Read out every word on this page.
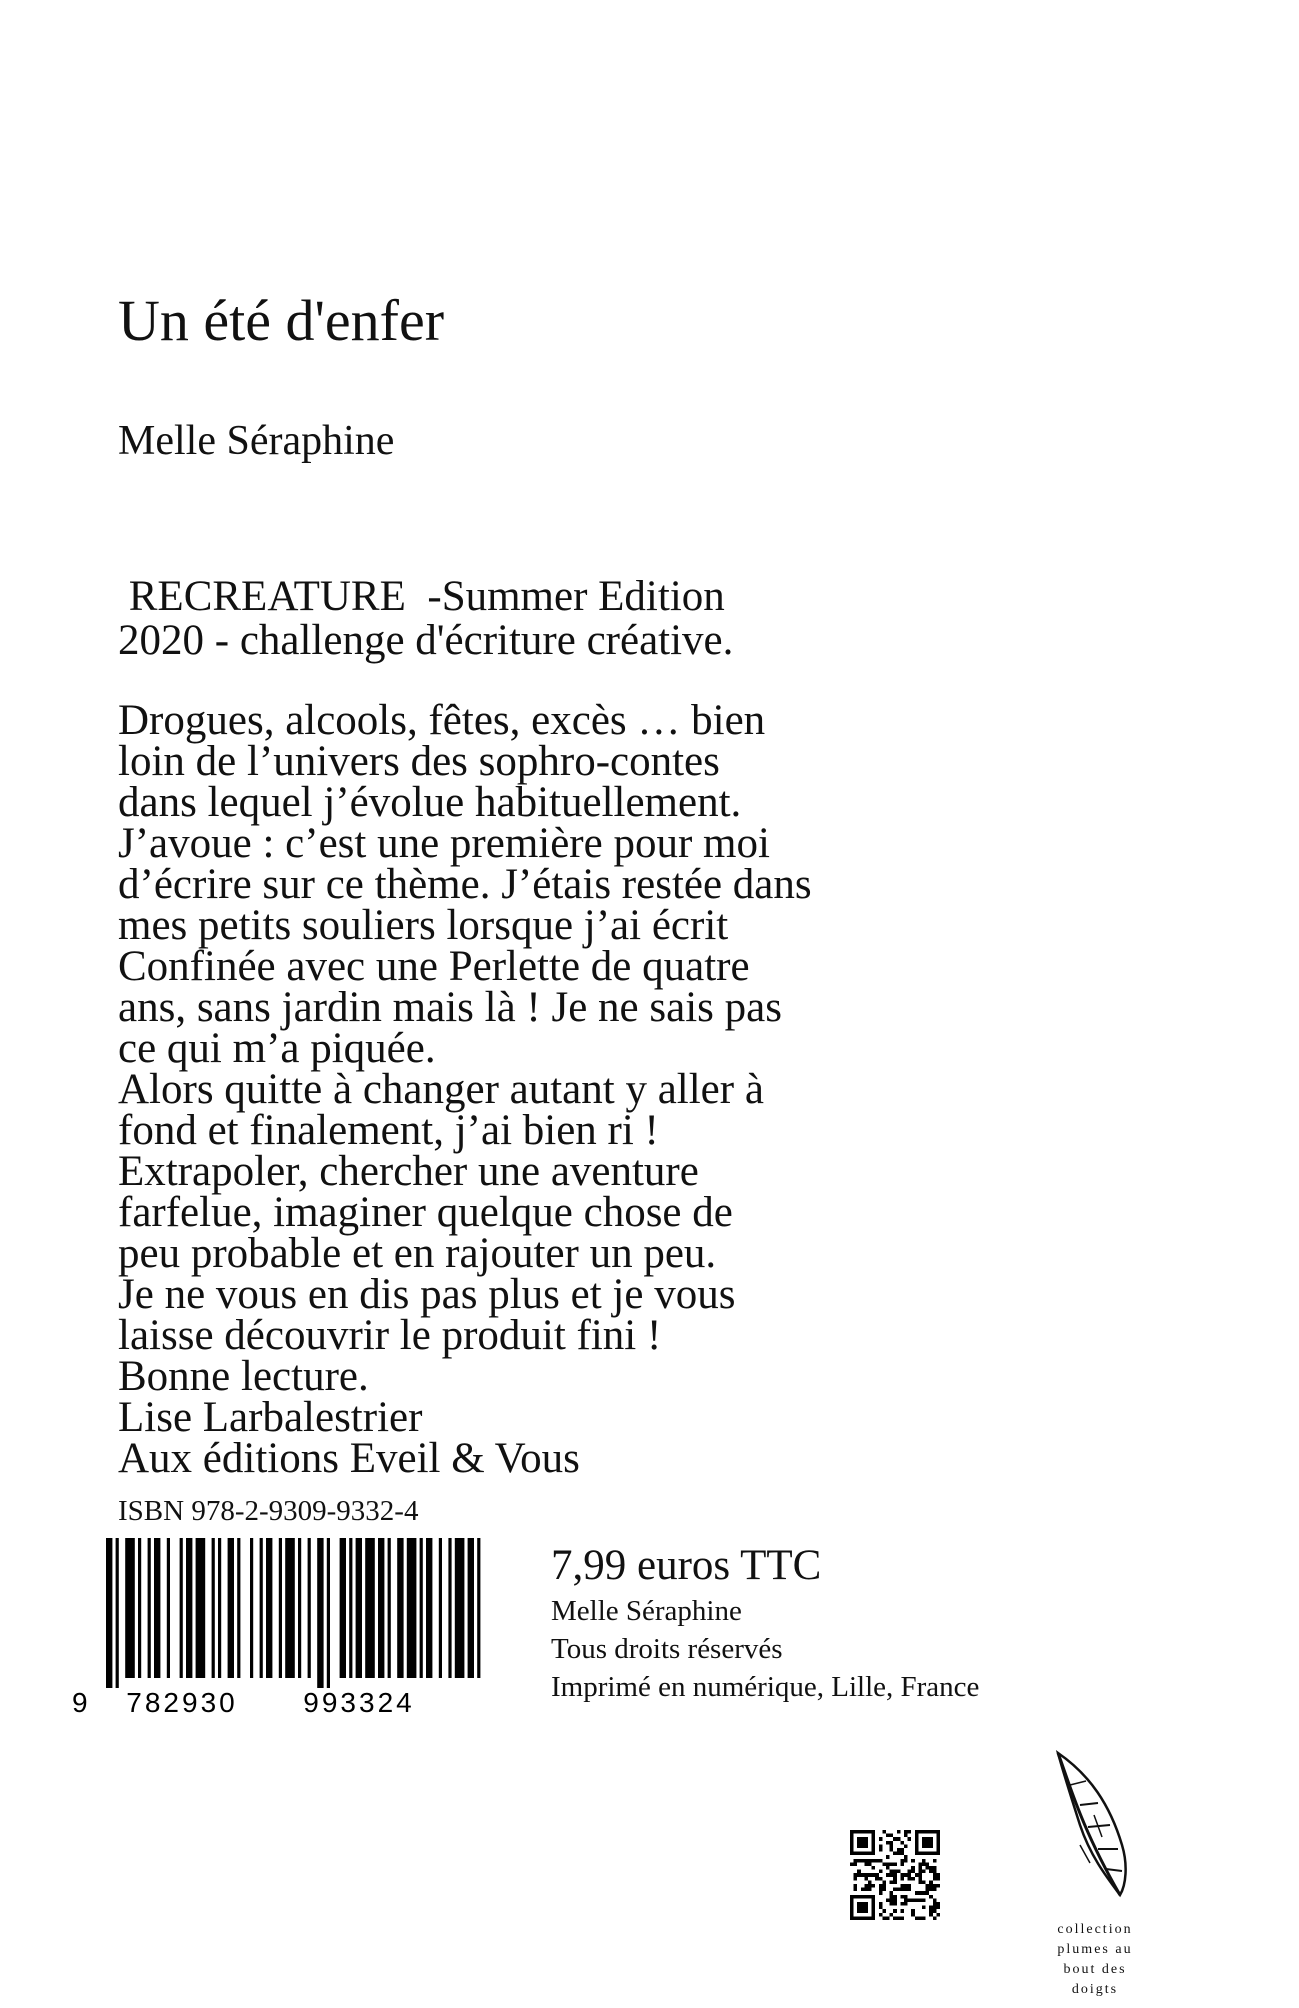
Un été d'enfer
Melle Séraphine
RECREATURE  -Summer Edition
2020 - challenge d'écriture créative.
Drogues, alcools, fêtes, excès … bien
loin de l’univers des sophro-contes
dans lequel j’évolue habituellement.
J’avoue : c’est une première pour moi
d’écrire sur ce thème. J’étais restée dans
mes petits souliers lorsque j’ai écrit
Confinée avec une Perlette de quatre
ans, sans jardin mais là ! Je ne sais pas
ce qui m’a piquée.
Alors quitte à changer autant y aller à
fond et finalement, j’ai bien ri !
Extrapoler, chercher une aventure
farfelue, imaginer quelque chose de
peu probable et en rajouter un peu.
Je ne vous en dis pas plus et je vous
laisse découvrir le produit fini !
Bonne lecture.
Lise Larbalestrier
Aux éditions Eveil & Vous
ISBN 978-2-9309-9332-4
9 782930 993324
7,99 euros TTC
Melle Séraphine
Tous droits réservés
Imprimé en numérique, Lille, France
collection
plumes au
bout des
doigts
